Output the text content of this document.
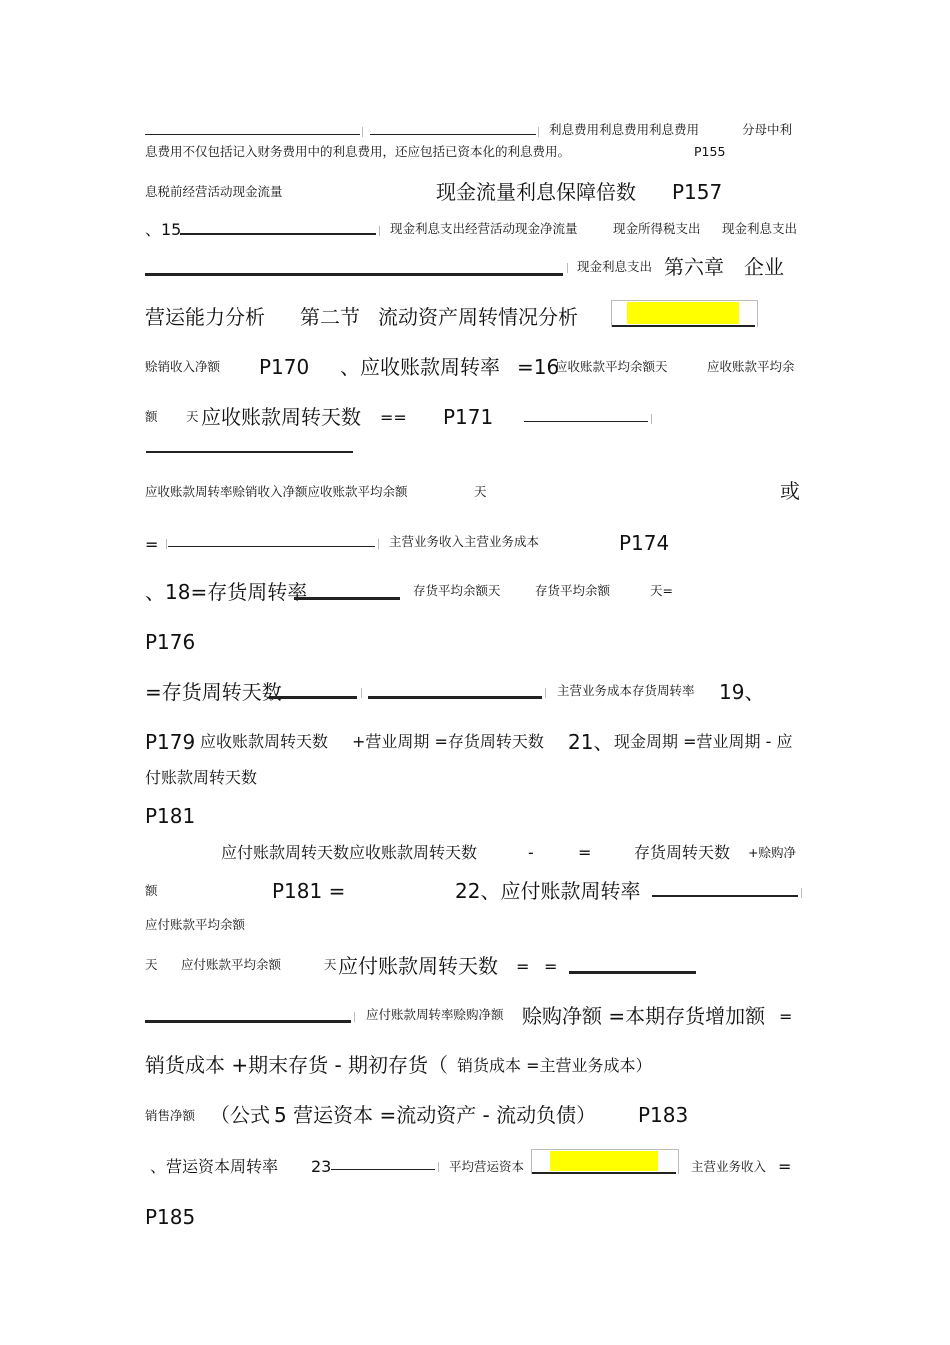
利息费用利息费用利息费用	分母中利
息费用不仅包括记入财务费用中的利息费用，还应包括已资本化的利息费用。	P155
息税前经营活动现金流量	现金流量利息保障倍数 P157
、15	现金利息支出经营活动现金净流量	现金所得税支出 现金利息支出
现金利息支出 第六章 企业
营运能力分析 第二节 流动资产周转情况分析
赊销收入净额 P170 、应收账款周转率 =16
应收账款平均余额天	应收账款平均余
额 天 应收账款周转天数 == P171
应收账款周转率赊销收入净额应收账款平均余额	天	或
=	主营业务收入主营业务成本	P174
、18=存货周转率	存货平均余额天	存货平均余额	天=
P176
=存货周转天数	主营业务成本存货周转率 19、
P179 应收账款周转天数 +营业周期 =存货周转天数 21、 现金周期 =营业周期 - 应
付账款周转天数
P181
应付账款周转天数应收账款周转天数	-	=	存货周转天数 +赊购净
额	P181 =	22、应付账款周转率
应付账款平均余额
天 应付账款平均余额	天 应付账款周转天数 = =
应付账款周转率赊购净额 赊购净额 =本期存货增加额 =
销货成本 +期末存货 - 期初存货（ 销货成本 =主营业务成本）
销售净额 （公式 5 营运资本 =流动资产 - 流动负债） P183
、营运资本周转率 23	平均营运资本	主营业务收入 =
P185
